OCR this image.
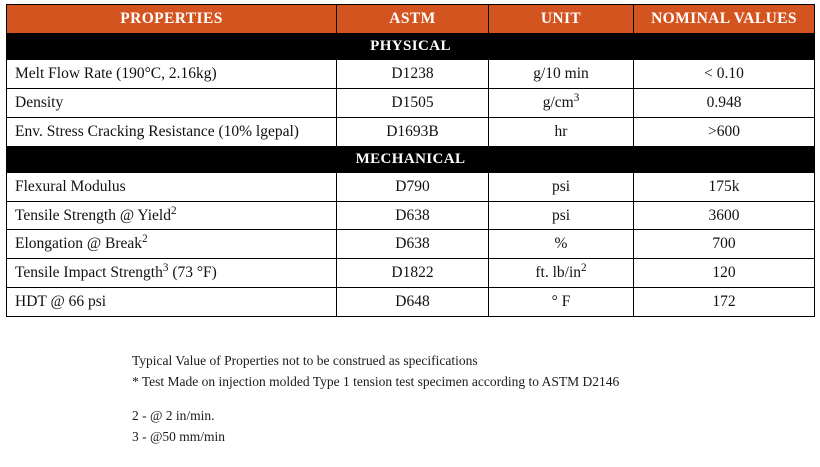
PROPERTIES	ASTM	UNIT	NOMINAL VALUES
PHYSICAL			
Melt Flow Rate (190°C, 2.16kg)	D1238	g/10 min	< 0.10
Density	D1505	$g/cm^3$	0.948
Env. Stress Cracking Resistance (10% lgepal)	D1693B	hr	>600
MECHANICAL			
Flexural Modulus	D790	psi	175k
Tensile Strength @ Yield$^2$	D638	psi	3600
Elongation @ Break$^2$	D638	%	700
Tensile Impact Strength$^3$ (73 °F)	D1822	ft. $lb/in^2$	120
HDT @ 66 psi	D648	° F	172
Typical Value of Properties not to be construed as specifications
* Test Made on injection molded Type 1 tension test specimen according to ASTM D2146
2 - @ 2 in/min.
3 - @50 mm/min
